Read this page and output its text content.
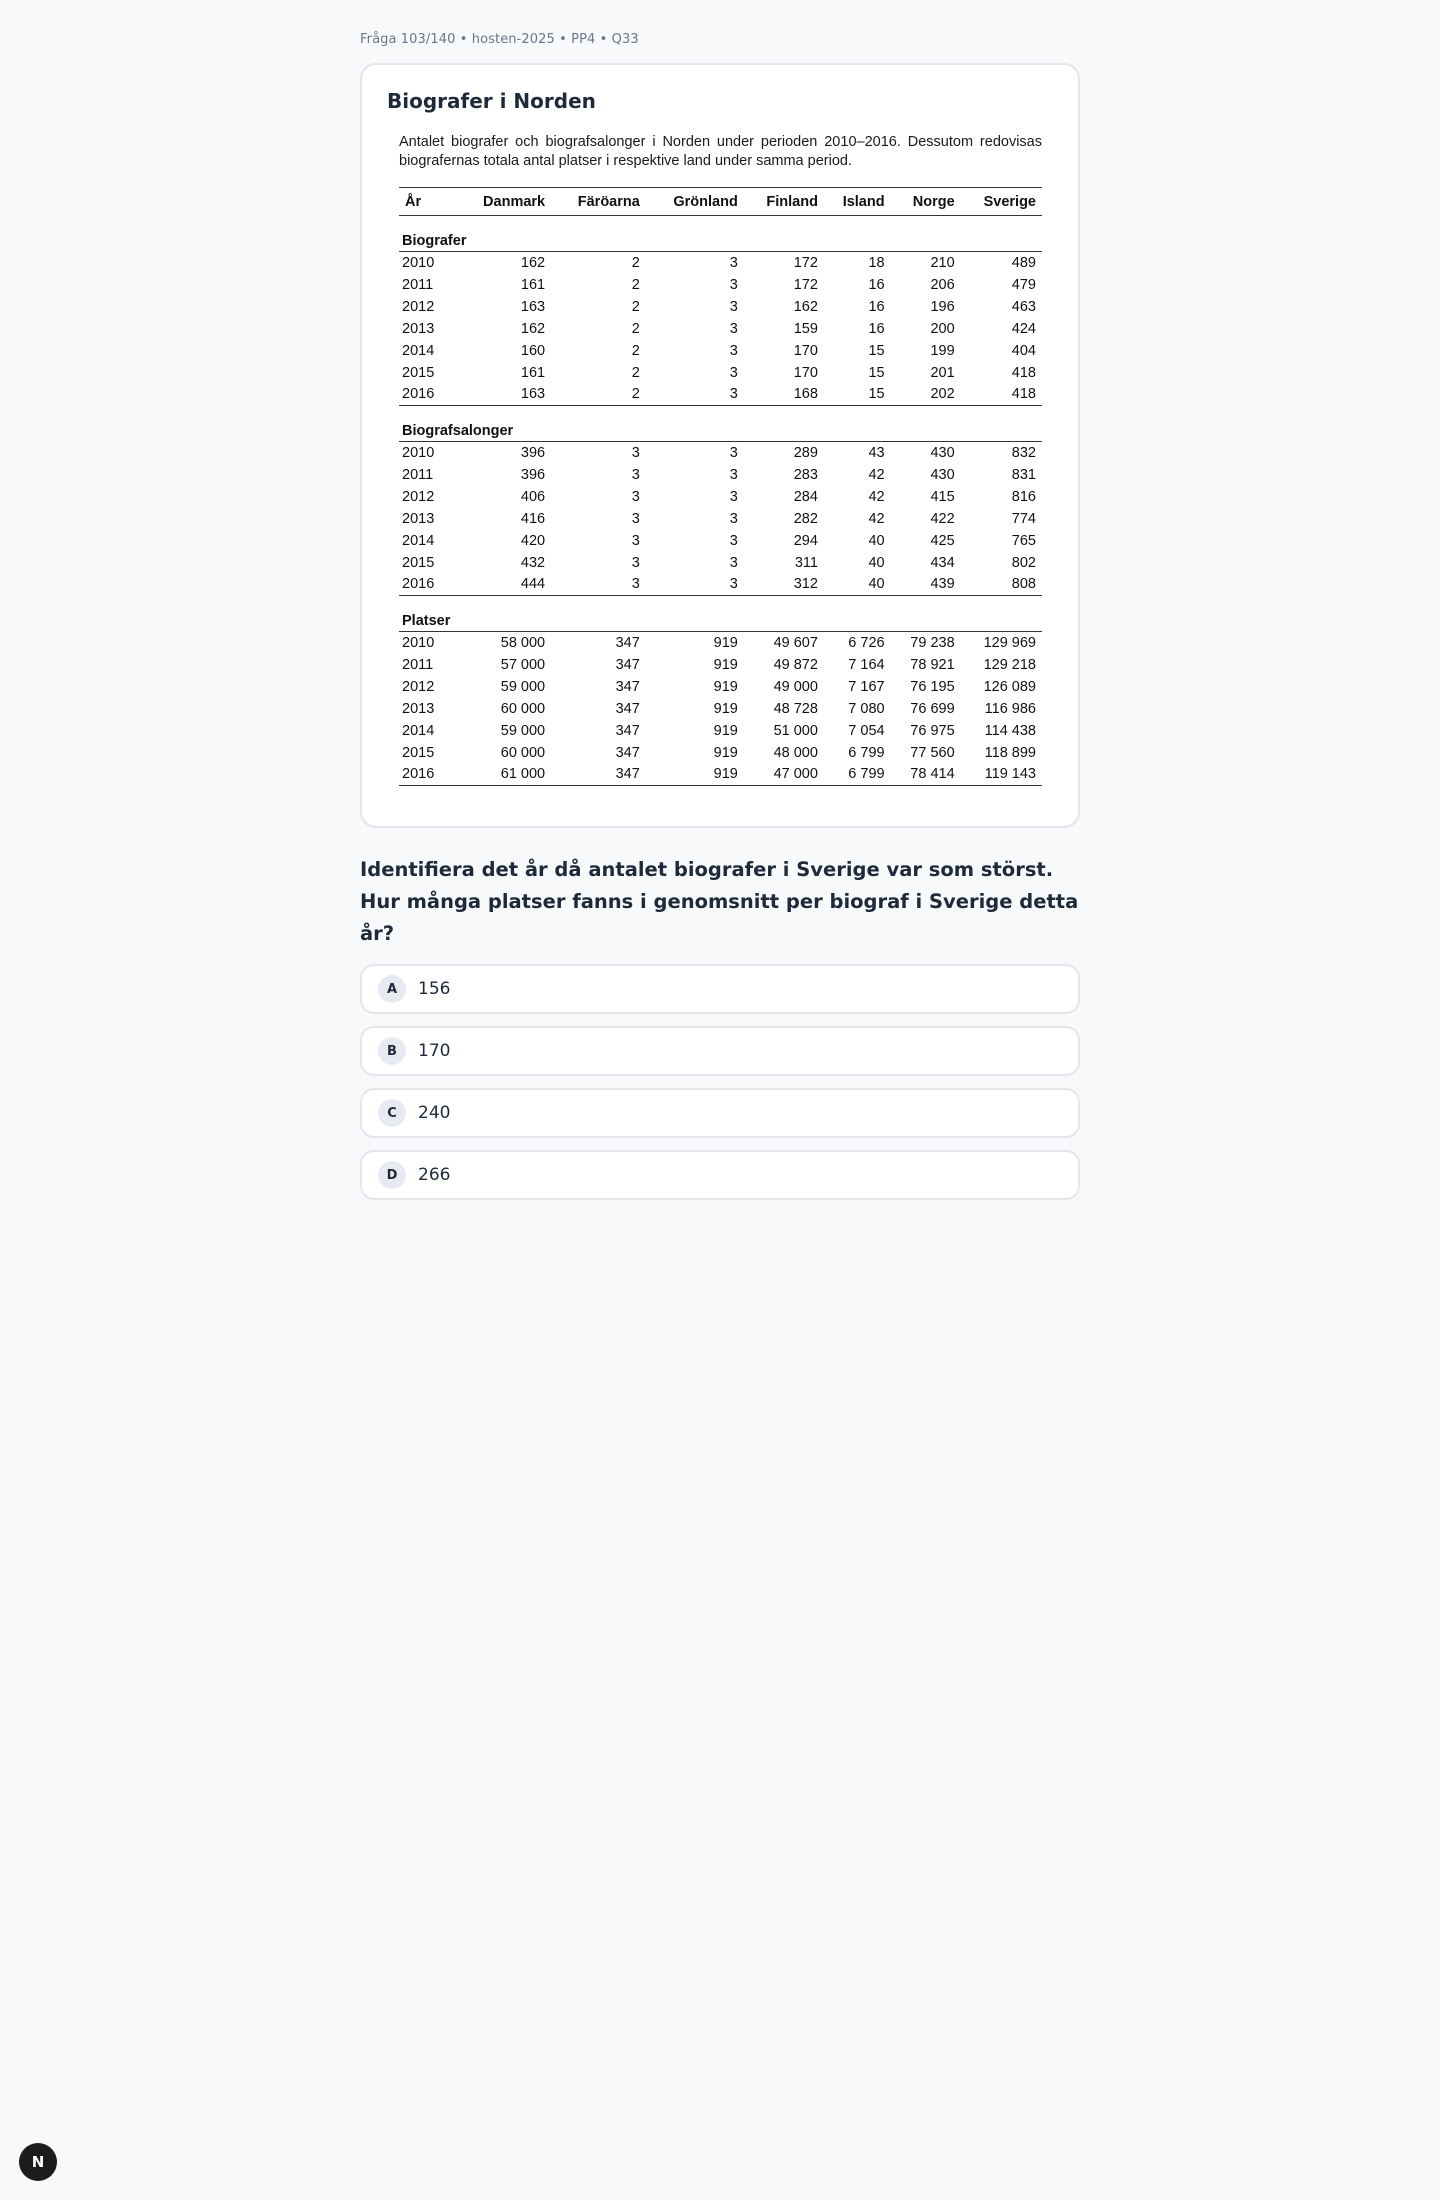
Fråga 103/140 • hosten-2025 • PP4 • Q33
Biografer i Norden

Antalet biografer och biografsalonger i Norden under perioden 2010–2016. Dessutom redovisas biografernas totala antal platser i respektive land under samma period.

År	Danmark	Färöarna	Grönland	Finland	Island	Norge	Sverige
Biografer							
2010	162	2	3	172	18	210	489
2011	161	2	3	172	16	206	479
2012	163	2	3	162	16	196	463
2013	162	2	3	159	16	200	424
2014	160	2	3	170	15	199	404
2015	161	2	3	170	15	201	418
2016	163	2	3	168	15	202	418
Biografsalonger							
2010	396	3	3	289	43	430	832
2011	396	3	3	283	42	430	831
2012	406	3	3	284	42	415	816
2013	416	3	3	282	42	422	774
2014	420	3	3	294	40	425	765
2015	432	3	3	311	40	434	802
2016	444	3	3	312	40	439	808
Platser							
2010	58 000	347	919	49 607	6 726	79 238	129 969
2011	57 000	347	919	49 872	7 164	78 921	129 218
2012	59 000	347	919	49 000	7 167	76 195	126 089
2013	60 000	347	919	48 728	7 080	76 699	116 986
2014	59 000	347	919	51 000	7 054	76 975	114 438
2015	60 000	347	919	48 000	6 799	77 560	118 899
2016	61 000	347	919	47 000	6 799	78 414	119 143
Identifiera det år då antalet biografer i Sverige var som störst. Hur många platser fanns i genomsnitt per biograf i Sverige detta år?
A	156
B	170
C	240
D	266
N
